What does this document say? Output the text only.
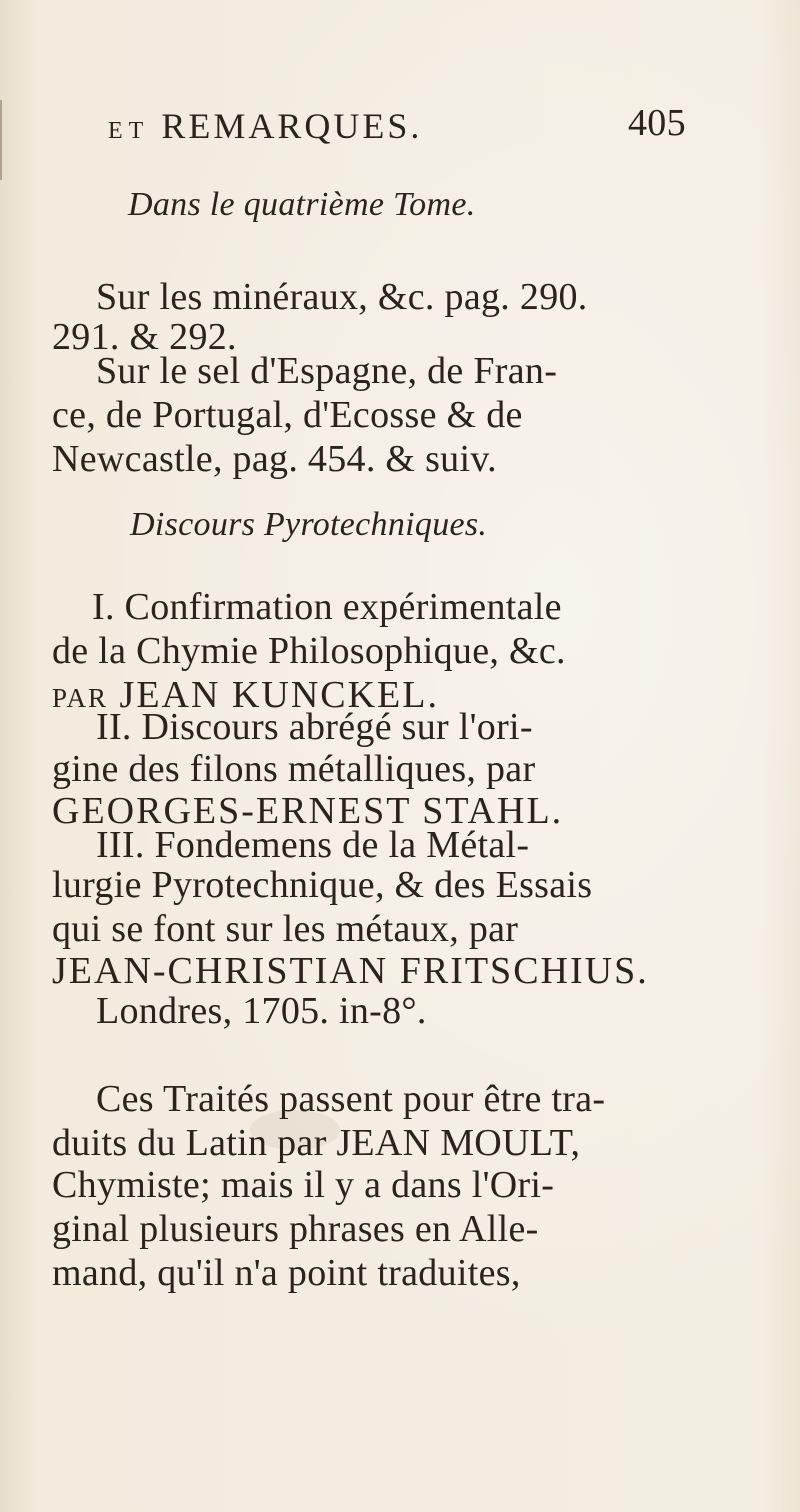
ET REMARQUES.	405
Dans le quatrième Tome.
Sur les minéraux, &c. pag. 290.
291. & 292.
Sur le sel d'Espagne, de Fran-
ce, de Portugal, d'Ecosse & de
Newcastle, pag. 454. & suiv.
Discours Pyrotechniques.
I. Confirmation expérimentale
de la Chymie Philosophique, &c.
par JEAN KUNCKEL.
II. Discours abrégé sur l'ori-
gine des filons métalliques, par
GEORGES-ERNEST STAHL.
III. Fondemens de la Métal-
lurgie Pyrotechnique, & des Essais
qui se font sur les métaux, par
JEAN-CHRISTIAN FRITSCHIUS.
Londres, 1705. in-8°.
Ces Traités passent pour être tra-
duits du Latin par JEAN MOULT,
Chymiste; mais il y a dans l'Ori-
ginal plusieurs phrases en Alle-
mand, qu'il n'a point traduites,
